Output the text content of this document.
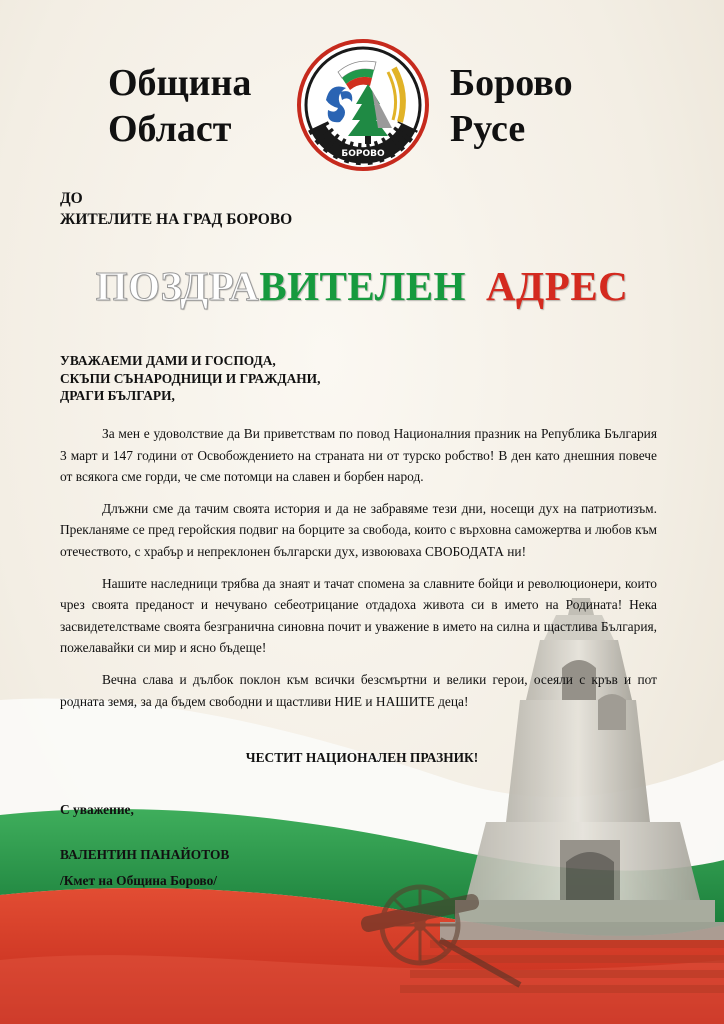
Община
Област
БОРОВО
Борово
Русе
ДО
ЖИТЕЛИТЕ НА ГРАД БОРОВО
ПОЗДРАВИТЕЛЕН АДРЕС
УВАЖАЕМИ ДАМИ И ГОСПОДА,
СКЪПИ СЪНАРОДНИЦИ И ГРАЖДАНИ,
ДРАГИ БЪЛГАРИ,

За мен е удоволствие да Ви приветствам по повод Националния празник на Република България 3 март и 147 години от Освобождението на страната ни от турско робство! В ден като днешния повече от всякога сме горди, че сме потомци на славен и борбен народ.

Длъжни сме да тачим своята история и да не забравяме тези дни, носещи дух на патриотизъм. Прекланяме се пред геройския подвиг на борците за свобода, които с върховна саможертва и любов към отечеството, с храбър и непреклонен български дух, извоюваха СВОБОДАТА ни!

Нашите наследници трябва да знаят и тачат спомена за славните бойци и революционери, които чрез своята преданост и нечувано себеотрицание отдадоха живота си в името на Родината! Нека засвидетелстваме своята безгранична синовна почит и уважение в името на силна и щастлива България, пожелавайки си мир и ясно бъдеще!

Вечна слава и дълбок поклон към всички безсмъртни и велики герои, осеяли с кръв и пот родната земя, за да бъдем свободни и щастливи НИЕ и НАШИТЕ деца!

ЧЕСТИТ НАЦИОНАЛЕН ПРАЗНИК!
С уважение,
ВАЛЕНТИН ПАНАЙОТОВ
/Кмет на Община Борово/
